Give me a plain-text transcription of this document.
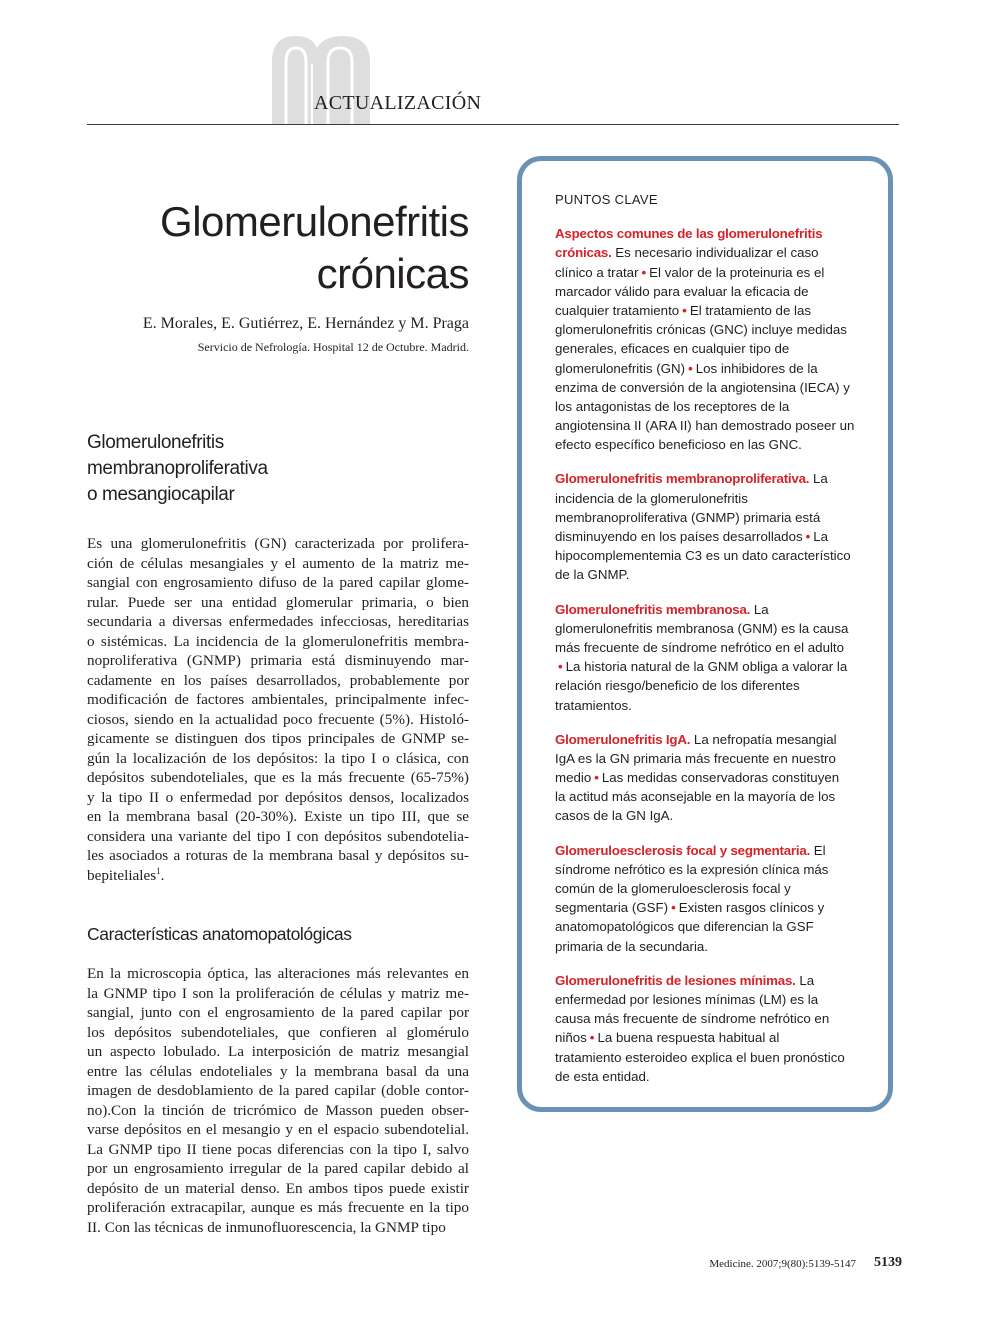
ACTUALIZACIÓN
Glomerulonefritis
crónicas
E. Morales, E. Gutiérrez, E. Hernández y M. Praga
Servicio de Nefrología. Hospital 12 de Octubre. Madrid.
Glomerulonefritis
membranoproliferativa
o mesangiocapilar
Es una glomerulonefritis (GN) caracterizada por prolifera-
ción de células mesangiales y el aumento de la matriz me-
sangial con engrosamiento difuso de la pared capilar glome-
rular. Puede ser una entidad glomerular primaria, o bien
secundaria a diversas enfermedades infecciosas, hereditarias
o sistémicas. La incidencia de la glomerulonefritis membra-
noproliferativa (GNMP) primaria está disminuyendo mar-
cadamente en los países desarrollados, probablemente por
modificación de factores ambientales, principalmente infec-
ciosos, siendo en la actualidad poco frecuente (5%). Histoló-
gicamente se distinguen dos tipos principales de GNMP se-
gún la localización de los depósitos: la tipo I o clásica, con
depósitos subendoteliales, que es la más frecuente (65-75%)
y la tipo II o enfermedad por depósitos densos, localizados
en la membrana basal (20-30%). Existe un tipo III, que se
considera una variante del tipo I con depósitos subendotelia-
les asociados a roturas de la membrana basal y depósitos su-
bepiteliales$^1$.
Características anatomopatológicas
En la microscopia óptica, las alteraciones más relevantes en
la GNMP tipo I son la proliferación de células y matriz me-
sangial, junto con el engrosamiento de la pared capilar por
los depósitos subendoteliales, que confieren al glomérulo
un aspecto lobulado. La interposición de matriz mesangial
entre las células endoteliales y la membrana basal da una
imagen de desdoblamiento de la pared capilar (doble contor-
no).Con la tinción de tricrómico de Masson pueden obser-
varse depósitos en el mesangio y en el espacio subendotelial.
La GNMP tipo II tiene pocas diferencias con la tipo I, salvo
por un engrosamiento irregular de la pared capilar debido al
depósito de un material denso. En ambos tipos puede existir
proliferación extracapilar, aunque es más frecuente en la tipo
II. Con las técnicas de inmunofluorescencia, la GNMP tipo
PUNTOS CLAVE
Aspectos comunes de las glomerulonefritis
crónicas. Es necesario individualizar el caso
clínico a tratar • El valor de la proteinuria es el
marcador válido para evaluar la eficacia de
cualquier tratamiento • El tratamiento de las
glomerulonefritis crónicas (GNC) incluye medidas
generales, eficaces en cualquier tipo de
glomerulonefritis (GN) • Los inhibidores de la
enzima de conversión de la angiotensina (IECA) y
los antagonistas de los receptores de la
angiotensina II (ARA II) han demostrado poseer un
efecto específico beneficioso en las GNC.
Glomerulonefritis membranoproliferativa. La
incidencia de la glomerulonefritis
membranoproliferativa (GNMP) primaria está
disminuyendo en los países desarrollados • La
hipocomplementemia C3 es un dato característico
de la GNMP.
Glomerulonefritis membranosa. La
glomerulonefritis membranosa (GNM) es la causa
más frecuente de síndrome nefrótico en el adulto
• La historia natural de la GNM obliga a valorar la
relación riesgo/beneficio de los diferentes
tratamientos.
Glomerulonefritis IgA. La nefropatía mesangial
IgA es la GN primaria más frecuente en nuestro
medio • Las medidas conservadoras constituyen
la actitud más aconsejable en la mayoría de los
casos de la GN IgA.
Glomeruloesclerosis focal y segmentaria. El
síndrome nefrótico es la expresión clínica más
común de la glomeruloesclerosis focal y
segmentaria (GSF) • Existen rasgos clínicos y
anatomopatológicos que diferencian la GSF
primaria de la secundaria.
Glomerulonefritis de lesiones mínimas. La
enfermedad por lesiones mínimas (LM) es la
causa más frecuente de síndrome nefrótico en
niños • La buena respuesta habitual al
tratamiento esteroideo explica el buen pronóstico
de esta entidad.
Medicine. 2007;9(80):5139-5147	5139
